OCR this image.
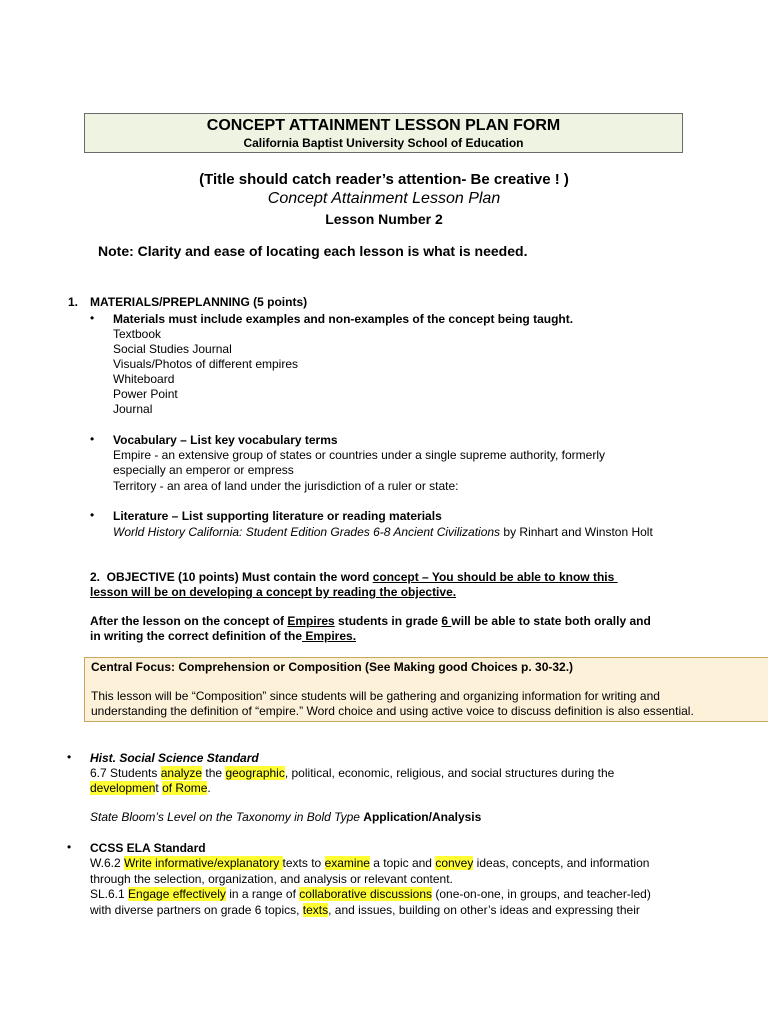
CONCEPT ATTAINMENT LESSON PLAN FORM
California Baptist University School of Education
(Title should catch reader’s attention- Be creative ! )
Concept Attainment Lesson Plan
Lesson Number 2
Note: Clarity and ease of locating each lesson is what is needed.
1. MATERIALS/PREPLANNING (5 points)
• Materials must include examples and non-examples of the concept being taught.
Textbook
Social Studies Journal
Visuals/Photos of different empires
Whiteboard
Power Point
Journal
• Vocabulary – List key vocabulary terms
Empire - an extensive group of states or countries under a single supreme authority, formerly
especially an emperor or empress
Territory - an area of land under the jurisdiction of a ruler or state:
• Literature – List supporting literature or reading materials
World History California: Student Edition Grades 6-8 Ancient Civilizations by Rinhart and Winston Holt
2.  OBJECTIVE (10 points) Must contain the word concept – You should be able to know this
lesson will be on developing a concept by reading the objective.
After the lesson on the concept of Empires students in grade 6 will be able to state both orally and
in writing the correct definition of the Empires.
Central Focus: Comprehension or Composition (See Making good Choices p. 30-32.)
This lesson will be “Composition” since students will be gathering and organizing information for writing and
understanding the definition of “empire.” Word choice and using active voice to discuss definition is also essential.
• Hist. Social Science Standard
6.7 Students analyze the geographic, political, economic, religious, and social structures during the
development of Rome.
State Bloom’s Level on the Taxonomy in Bold Type Application/Analysis
• CCSS ELA Standard
W.6.2 Write informative/explanatory texts to examine a topic and convey ideas, concepts, and information
through the selection, organization, and analysis or relevant content.
SL.6.1 Engage effectively in a range of collaborative discussions (one-on-one, in groups, and teacher-led)
with diverse partners on grade 6 topics, texts, and issues, building on other’s ideas and expressing their
